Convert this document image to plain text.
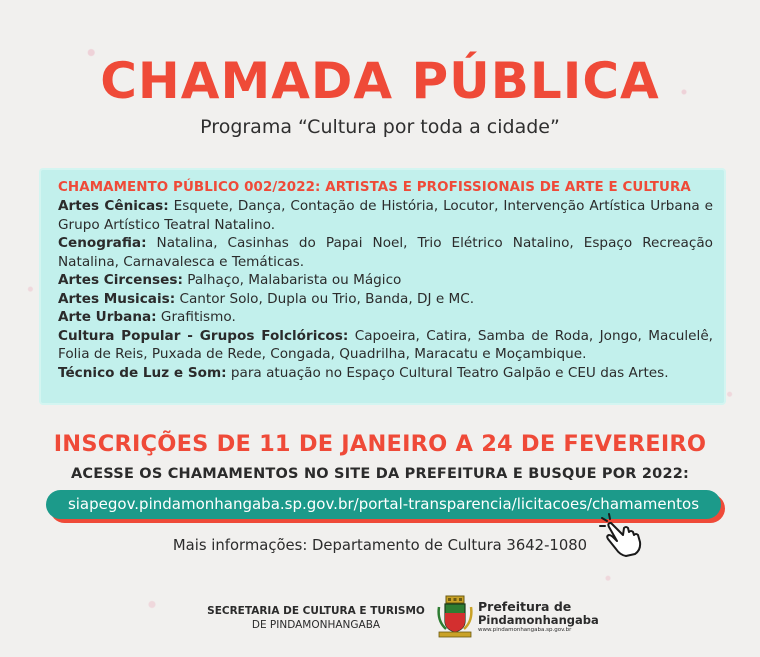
CHAMADA PÚBLICA
Programa “Cultura por toda a cidade”
CHAMAMENTO PÚBLICO 002/2022: ARTISTAS E PROFISSIONAIS DE ARTE E CULTURA
Artes Cênicas: Esquete, Dança, Contação de História, Locutor, Intervenção Artística Urbana e Grupo Artístico Teatral Natalino.
Cenografia: Natalina, Casinhas do Papai Noel, Trio Elétrico Natalino, Espaço Recreação Natalina, Carnavalesca e Temáticas.
Artes Circenses: Palhaço, Malabarista ou Mágico
Artes Musicais: Cantor Solo, Dupla ou Trio, Banda, DJ e MC.
Arte Urbana: Grafitismo.
Cultura Popular - Grupos Folclóricos: Capoeira, Catira, Samba de Roda, Jongo, Maculelê, Folia de Reis, Puxada de Rede, Congada, Quadrilha, Maracatu e Moçambique.
Técnico de Luz e Som: para atuação no Espaço Cultural Teatro Galpão e CEU das Artes.
INSCRIÇÕES DE 11 DE JANEIRO A 24 DE FEVEREIRO
ACESSE OS CHAMAMENTOS NO SITE DA PREFEITURA E BUSQUE POR 2022:
siapegov.pindamonhangaba.sp.gov.br/portal-transparencia/licitacoes/chamamentos
Mais informações: Departamento de Cultura 3642-1080
SECRETARIA DE CULTURA E TURISMO
DE PINDAMONHANGABA
Prefeitura de
Pindamonhangaba
www.pindamonhangaba.sp.gov.br
